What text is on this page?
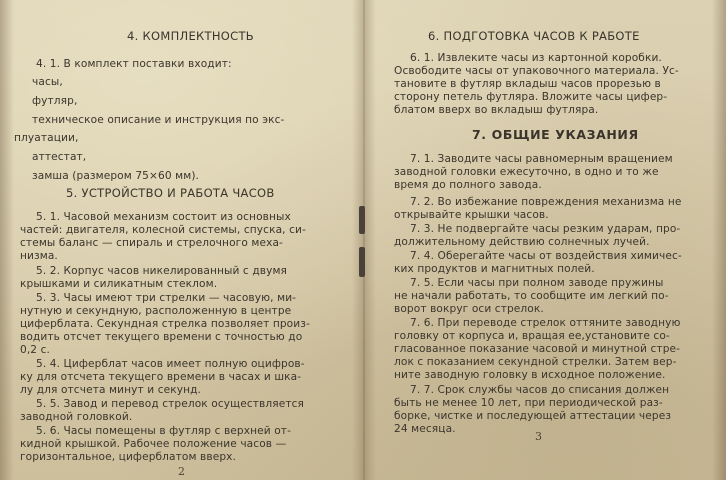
4. КОМПЛЕКТНОСТЬ
4. 1. В комплект поставки входит:
часы,
футляр,
техническое описание и инструкция по экс-
плуатации,
аттестат,
замша (размером 75×60 мм).
5. УСТРОЙСТВО И РАБОТА ЧАСОВ
5. 1. Часовой механизм состоит из основных
частей: двигателя, колесной системы, спуска, си-
стемы баланс — спираль и стрелочного меха-
низма.
5. 2. Корпус часов никелированный с двумя
крышками и силикатным стеклом.
5. 3. Часы имеют три стрелки — часовую, ми-
нутную и секундную, расположенную в центре
циферблата. Секундная стрелка позволяет произ-
водить отсчет текущего времени с точностью до
0,2 с.
5. 4. Циферблат часов имеет полную оцифров-
ку для отсчета текущего времени в часах и шка-
лу для отсчета минут и секунд.
5. 5. Завод и перевод стрелок осуществляется
заводной головкой.
5. 6. Часы помещены в футляр с верхней от-
кидной крышкой. Рабочее положение часов —
горизонтальное, циферблатом вверх.
2
6. ПОДГОТОВКА ЧАСОВ К РАБОТЕ
6. 1. Извлеките часы из картонной коробки.
Освободите часы от упаковочного материала. Ус-
тановите в футляр вкладыш часов прорезью в
сторону петель футляра. Вложите часы цифер-
блатом вверх во вкладыш футляра.
7. ОБЩИЕ УКАЗАНИЯ
7. 1. Заводите часы равномерным вращением
заводной головки ежесуточно, в одно и то же
время до полного завода.
7. 2. Во избежание повреждения механизма не
открывайте крышки часов.
7. 3. Не подвергайте часы резким ударам, про-
должительному действию солнечных лучей.
7. 4. Оберегайте часы от воздействия химичес-
ких продуктов и магнитных полей.
7. 5. Если часы при полном заводе пружины
не начали работать, то сообщите им легкий по-
ворот вокруг оси стрелок.
7. 6. При переводе стрелок оттяните заводную
головку от корпуса и, вращая ее,установите со-
гласованное показание часовой и минутной стре-
лок с показанием секундной стрелки. Затем вер-
ните заводную головку в исходное положение.
7. 7. Срок службы часов до списания должен
быть не менее 10 лет, при периодической раз-
борке, чистке и последующей аттестации через
24 месяца.
3
